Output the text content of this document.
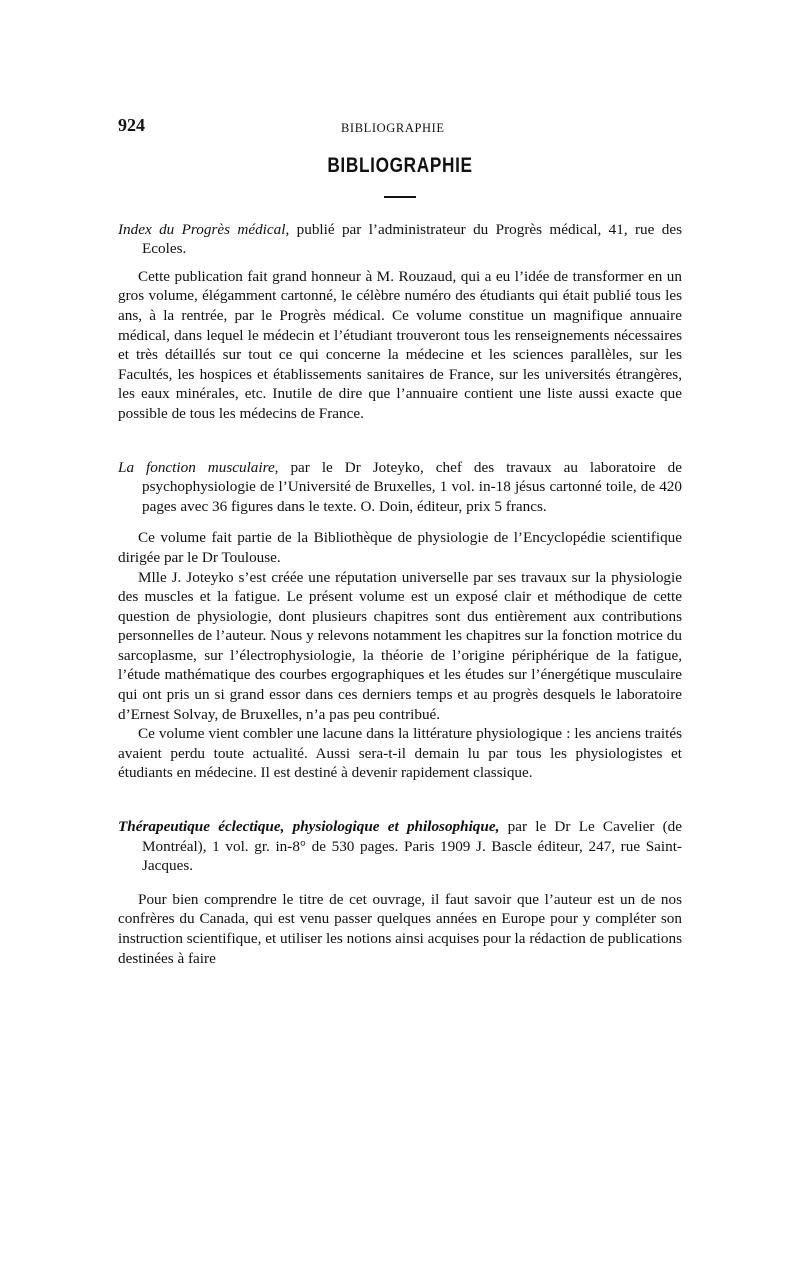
924	BIBLIOGRAPHIE
BIBLIOGRAPHIE

Index du Progrès médical, publié par l’administrateur du Progrès médical, 41, rue des Ecoles.

Cette publication fait grand honneur à M. Rouzaud, qui a eu l’idée de transformer en un gros volume, élégamment cartonné, le célèbre numéro des étudiants qui était publié tous les ans, à la rentrée, par le Progrès médical. Ce volume constitue un magnifique annuaire médical, dans lequel le médecin et l’étudiant trouveront tous les renseignements nécessaires et très détaillés sur tout ce qui concerne la médecine et les sciences parallèles, sur les Facultés, les hospices et établissements sanitaires de France, sur les universités étrangères, les eaux minérales, etc. Inutile de dire que l’annuaire contient une liste aussi exacte que possible de tous les médecins de France.

La fonction musculaire, par le Dr Joteyko, chef des travaux au laboratoire de psychophysiologie de l’Université de Bruxelles, 1 vol. in-18 jésus cartonné toile, de 420 pages avec 36 figures dans le texte. O. Doin, éditeur, prix 5 francs.

Ce volume fait partie de la Bibliothèque de physiologie de l’Encyclopédie scientifique dirigée par le Dr Toulouse.

Mlle J. Joteyko s’est créée une réputation universelle par ses travaux sur la physiologie des muscles et la fatigue. Le présent volume est un exposé clair et méthodique de cette question de physiologie, dont plusieurs chapitres sont dus entièrement aux contributions personnelles de l’auteur. Nous y relevons notamment les chapitres sur la fonction motrice du sarcoplasme, sur l’électrophysiologie, la théorie de l’origine périphérique de la fatigue, l’étude mathématique des courbes ergographiques et les études sur l’énergétique musculaire qui ont pris un si grand essor dans ces derniers temps et au progrès desquels le laboratoire d’Ernest Solvay, de Bruxelles, n’a pas peu contribué.

Ce volume vient combler une lacune dans la littérature physiologique : les anciens traités avaient perdu toute actualité. Aussi sera-t-il demain lu par tous les physiologistes et étudiants en médecine. Il est destiné à devenir rapidement classique.

Thérapeutique éclectique, physiologique et philosophique, par le Dr Le Cavelier (de Montréal), 1 vol. gr. in-8° de 530 pages. Paris 1909 J. Bascle éditeur, 247, rue Saint-Jacques.

Pour bien comprendre le titre de cet ouvrage, il faut savoir que l’auteur est un de nos confrères du Canada, qui est venu passer quelques années en Europe pour y compléter son instruction scientifique, et utiliser les notions ainsi acquises pour la rédaction de publications destinées à faire
